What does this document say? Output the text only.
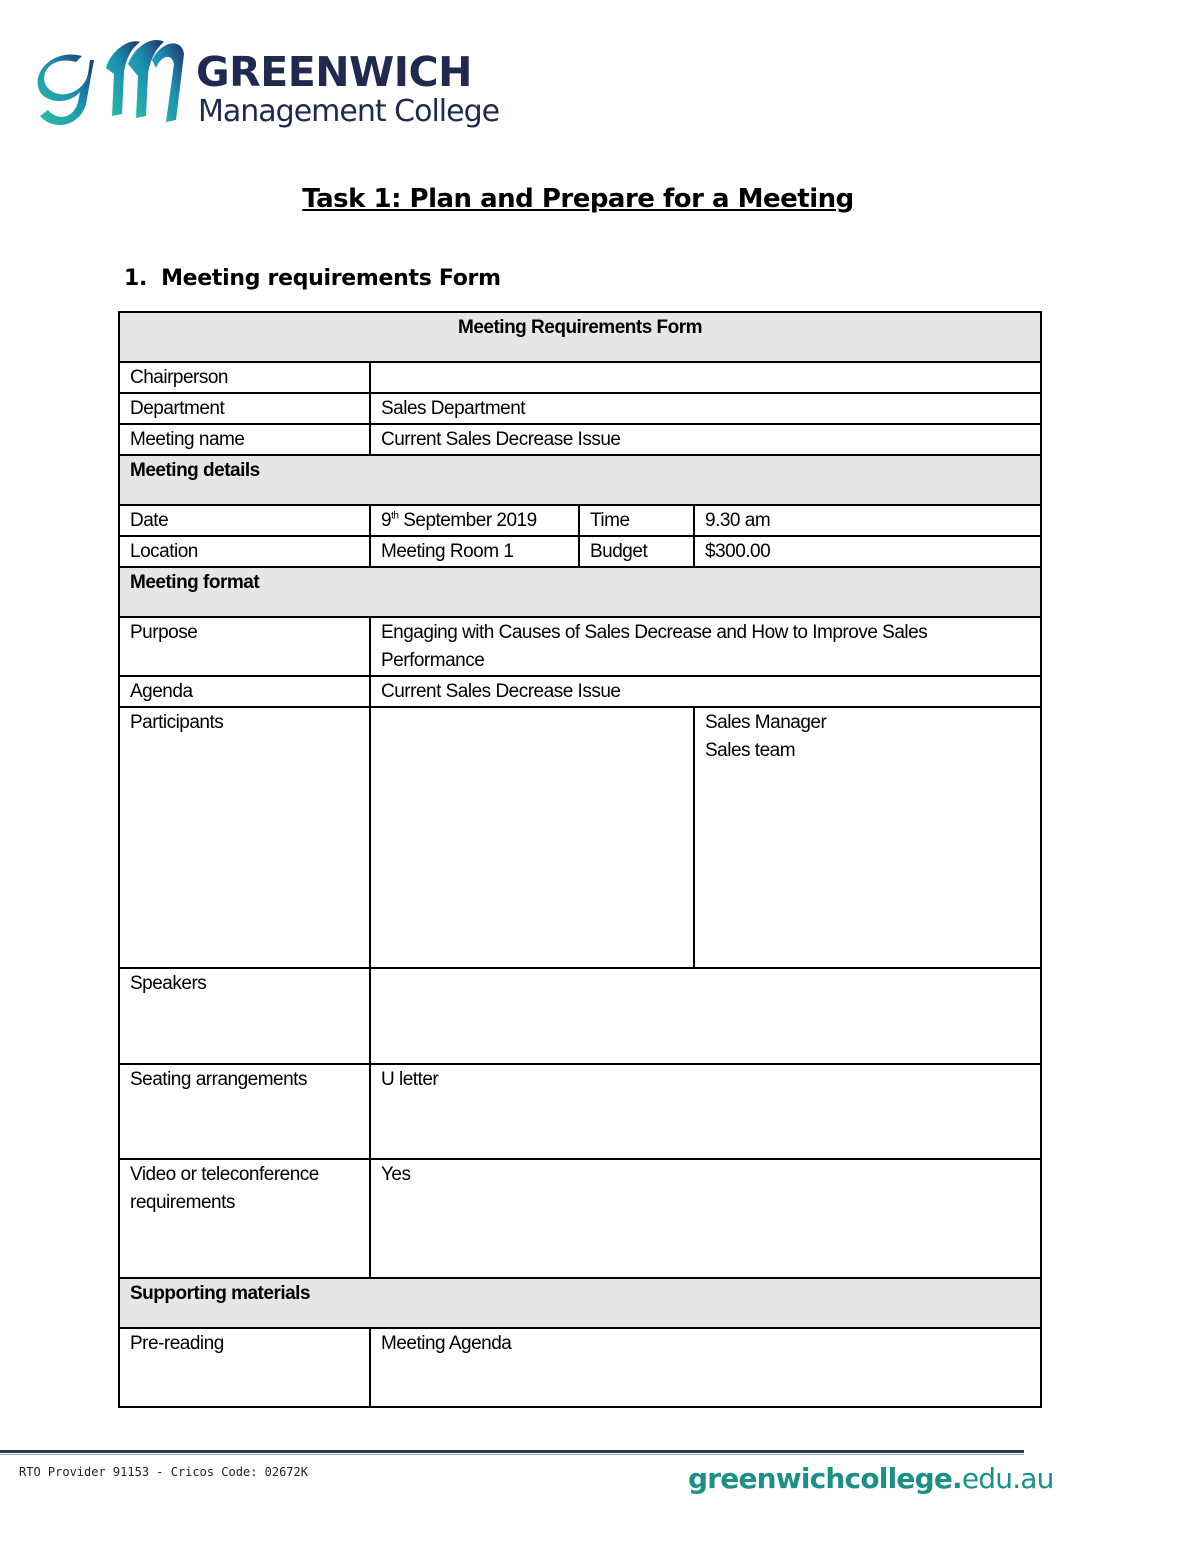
GREENWICH
Management College
Task 1: Plan and Prepare for a Meeting
1. Meeting requirements Form
Meeting Requirements Form			
Chairperson			
Department	Sales Department		
Meeting name	Current Sales Decrease Issue		
Meeting details			
Date	9th September 2019	Time	9.30 am
Location	Meeting Room 1	Budget	$300.00
Meeting format			
Purpose	Engaging with Causes of Sales Decrease and How to Improve Sales
Performance		

Agenda	Current Sales Decrease Issue		
Participants			Sales Manager
Sales team

Speakers			
Seating arrangements	U letter		

Video or teleconference
requirements	Yes		
Supporting materials			
Pre-reading	Meeting Agenda		
RTO Provider 91153 - Cricos Code: 02672K	greenwichcollege.edu.au
